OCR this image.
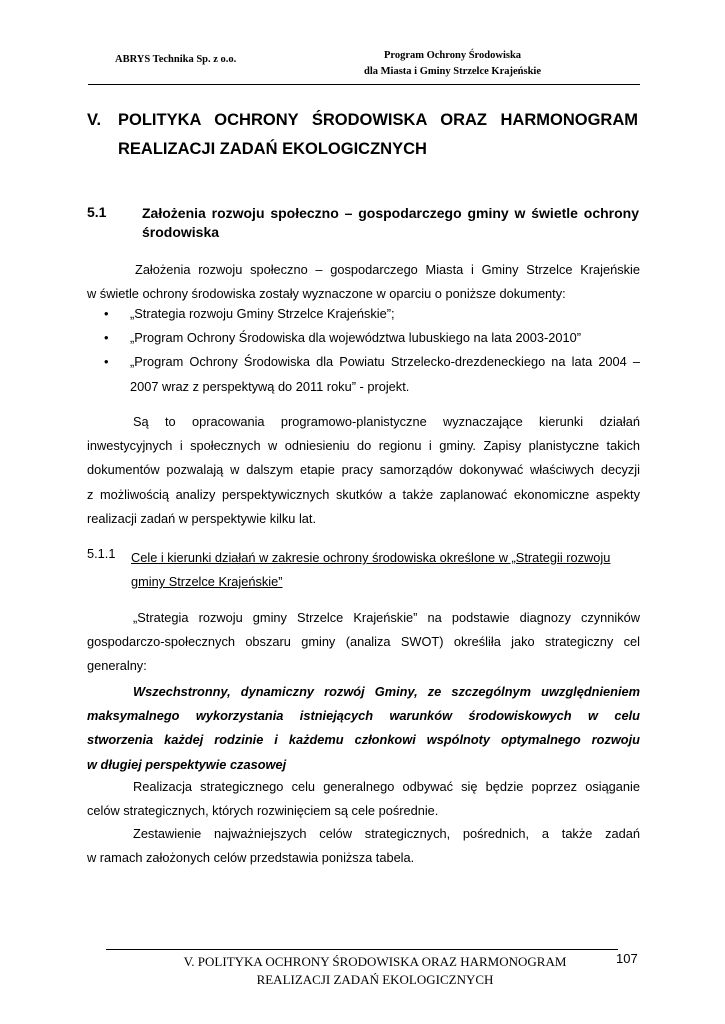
ABRYS Technika Sp. z o.o.	Program Ochrony Środowiska
dla Miasta i Gminy Strzelce Krajeńskie
V. POLITYKA OCHRONY ŚRODOWISKA ORAZ HARMONOGRAM
REALIZACJI ZADAŃ EKOLOGICZNYCH
5.1	Założenia rozwoju społeczno – gospodarczego gminy w świetle ochrony środowiska
Założenia rozwoju społeczno – gospodarczego Miasta i Gminy Strzelce Krajeńskie
w świetle ochrony środowiska zostały wyznaczone w oparciu o poniższe dokumenty:
• „Strategia rozwoju Gminy Strzelce Krajeńskie”;
• „Program Ochrony Środowiska dla województwa lubuskiego na lata 2003-2010”
• „Program Ochrony Środowiska dla Powiatu Strzelecko-drezdeneckiego na lata 2004 – 2007 wraz z perspektywą do 2011 roku” - projekt.
Są to opracowania programowo-planistyczne wyznaczające kierunki działań
inwestycyjnych i społecznych w odniesieniu do regionu i gminy. Zapisy planistyczne takich
dokumentów pozwalają w dalszym etapie pracy samorządów dokonywać właściwych decyzji
z możliwością analizy perspektywicznych skutków a także zaplanować ekonomiczne aspekty
realizacji zadań w perspektywie kilku lat.
5.1.1 Cele i kierunki działań w zakresie ochrony środowiska określone w „Strategii rozwoju gminy Strzelce Krajeńskie”
„Strategia rozwoju gminy Strzelce Krajeńskie” na podstawie diagnozy czynników
gospodarczo-społecznych obszaru gminy (analiza SWOT) określiła jako strategiczny cel
generalny:
Wszechstronny, dynamiczny rozwój Gminy, ze szczególnym uwzględnieniem
maksymalnego wykorzystania istniejących warunków środowiskowych w celu
stworzenia każdej rodzinie i każdemu członkowi wspólnoty optymalnego rozwoju
w długiej perspektywie czasowej
Realizacja strategicznego celu generalnego odbywać się będzie poprzez osiąganie
celów strategicznych, których rozwinięciem są cele pośrednie.
Zestawienie najważniejszych celów strategicznych, pośrednich, a także zadań
w ramach założonych celów przedstawia poniższa tabela.
V. POLITYKA OCHRONY ŚRODOWISKA ORAZ HARMONOGRAM
REALIZACJI ZADAŃ EKOLOGICZNYCH
107
